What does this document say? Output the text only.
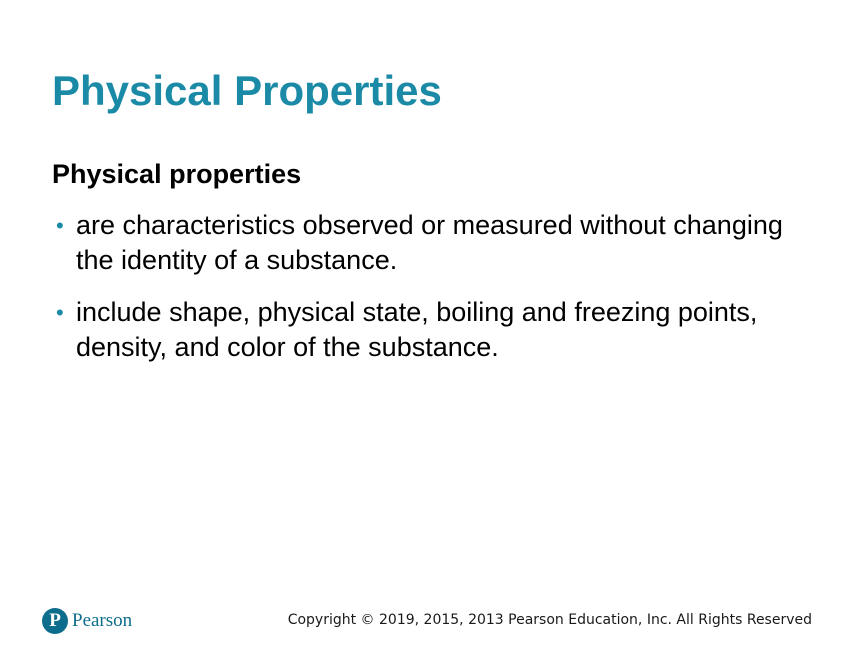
Physical Properties
Physical properties
• are characteristics observed or measured without changing the identity of a substance.
• include shape, physical state, boiling and freezing points, density, and color of the substance.
P Pearson	Copyright © 2019, 2015, 2013 Pearson Education, Inc. All Rights Reserved
